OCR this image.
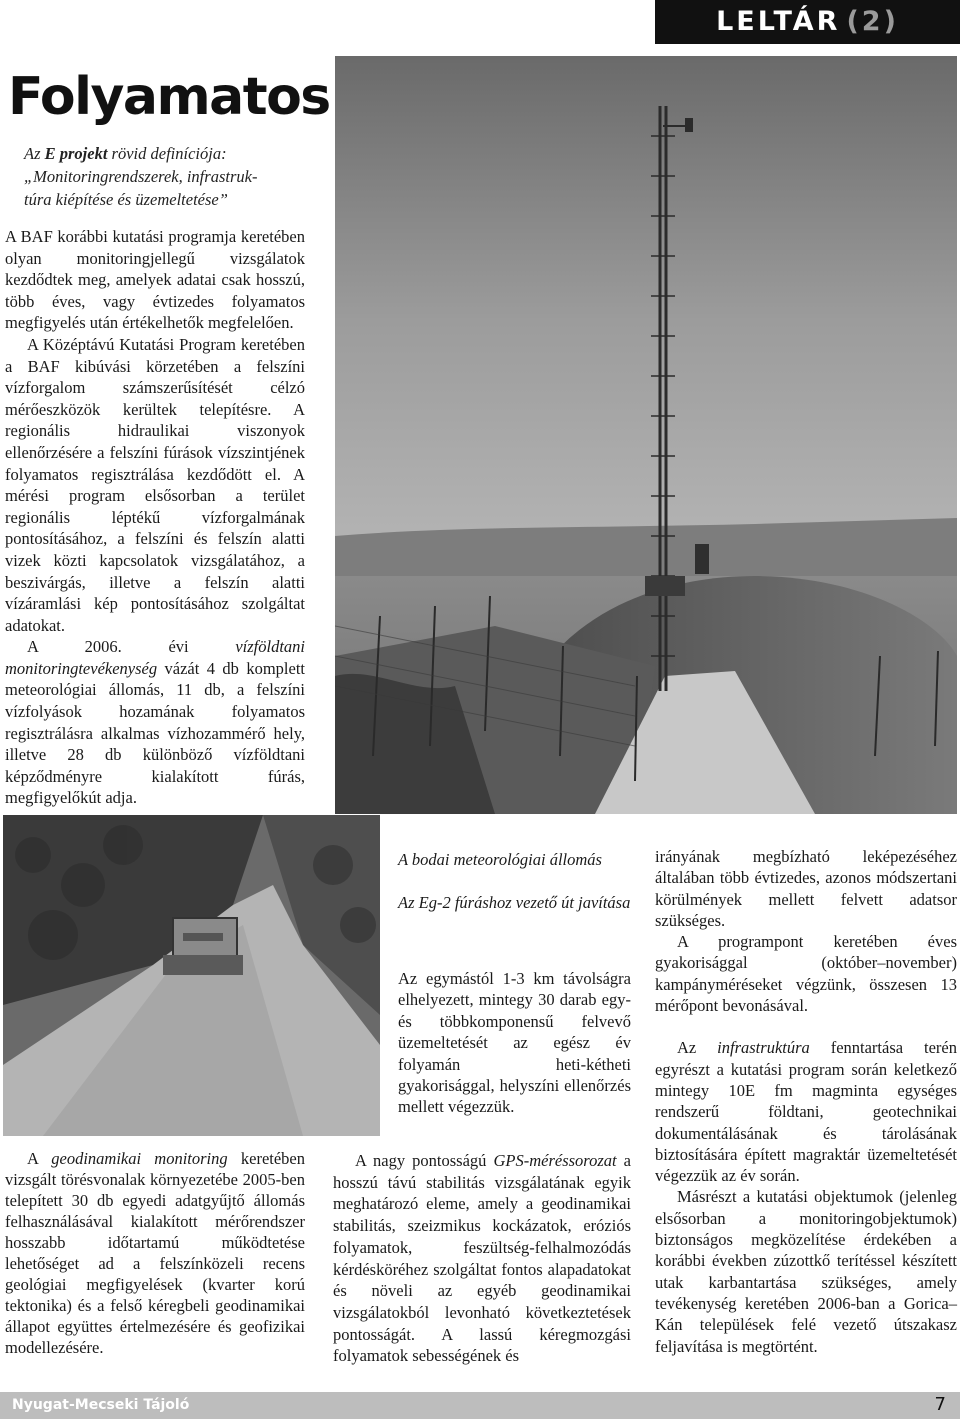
LELTÁR (2)
Folyamatos
Az E projekt rövid definíciója:
„Monitoringrendszerek, infrastruk-
túra kiépítése és üzemeltetése”

A BAF korábbi kutatási programja keretében olyan monitoringjellegű vizsgálatok kezdődtek meg, amelyek adatai csak hosszú, több éves, vagy évtizedes folyamatos megfigyelés után értékelhetők megfelelően.

A Középtávú Kutatási Program keretében a BAF kibúvási körzetében a felszíni vízforgalom számszerűsítését célzó mérőeszközök kerültek telepítésre. A regionális hidraulikai viszonyok ellenőrzésére a felszíni fúrások vízszintjének folyamatos regisztrálása kezdődött el. A mérési program elsősorban a terület regionális léptékű vízforgalmának pontosításához, a felszíni és felszín alatti vizek közti kapcsolatok vizsgálatához, a beszivárgás, illetve a felszín alatti vízáramlási kép pontosításához szolgáltat adatokat.

A 2006. évi vízföldtani monitoringtevékenység vázát 4 db komplett meteorológiai állomás, 11 db, a felszíni vízfolyások hozamának folyamatos regisztrálásra alkalmas vízhozammérő hely, illetve 28 db különböző vízföldtani képződményre kialakított fúrás, megfigyelőkút adja.

A bodai meteorológiai állomás
Az Eg-2 fúráshoz vezető út javítása
Az egymástól 1-3 km távolságra elhelyezett, mintegy 30 darab egy- és többkomponensű felvevő üzemeltetését az egész év folyamán heti-kétheti gyakorisággal, helyszíni ellenőrzés mellett végezzük.

A geodinamikai monitoring keretében vizsgált törésvonalak környezetébe 2005-ben telepített 30 db egyedi adatgyűjtő állomás felhasználásával kialakított mérőrendszer hosszabb időtartamú működtetése lehetőséget ad a felszínközeli recens geológiai megfigyelések (kvarter korú tektonika) és a felső kéregbeli geodinamikai állapot együttes értelmezésére és geofizikai modellezésére.

A nagy pontosságú GPS-méréssorozat a hosszú távú stabilitás vizsgálatának egyik meghatározó eleme, amely a geodinamikai stabilitás, szeizmikus kockázatok, eróziós folyamatok, feszültség-felhalmozódás kérdésköréhez szolgáltat fontos alapadatokat és növeli az egyéb geodinamikai vizsgálatokból levonható következtetések pontosságát. A lassú kéregmozgási folyamatok sebességének és

irányának megbízható leképezéséhez általában több évtizedes, azonos módszertani körülmények mellett felvett adatsor szükséges.

A programpont keretében éves gyakorisággal (október–november) kampányméréseket végzünk, összesen 13 mérőpont bevonásával.

Az infrastruktúra fenntartása terén egyrészt a kutatási program során keletkező mintegy 10E fm magminta egységes rendszerű földtani, geotechnikai dokumentálásának és tárolásának biztosítására épített magraktár üzemeltetését végezzük az év során.

Másrészt a kutatási objektumok (jelenleg elsősorban a monitoringobjektumok) biztonságos megközelítése érdekében a korábbi években zúzottkő terítéssel készített utak karbantartása szükséges, amely tevékenység keretében 2006-ban a Gorica–Kán települések felé vezető útszakasz feljavítása is megtörtént.

Nyugat-Mecseki Tájoló	7
